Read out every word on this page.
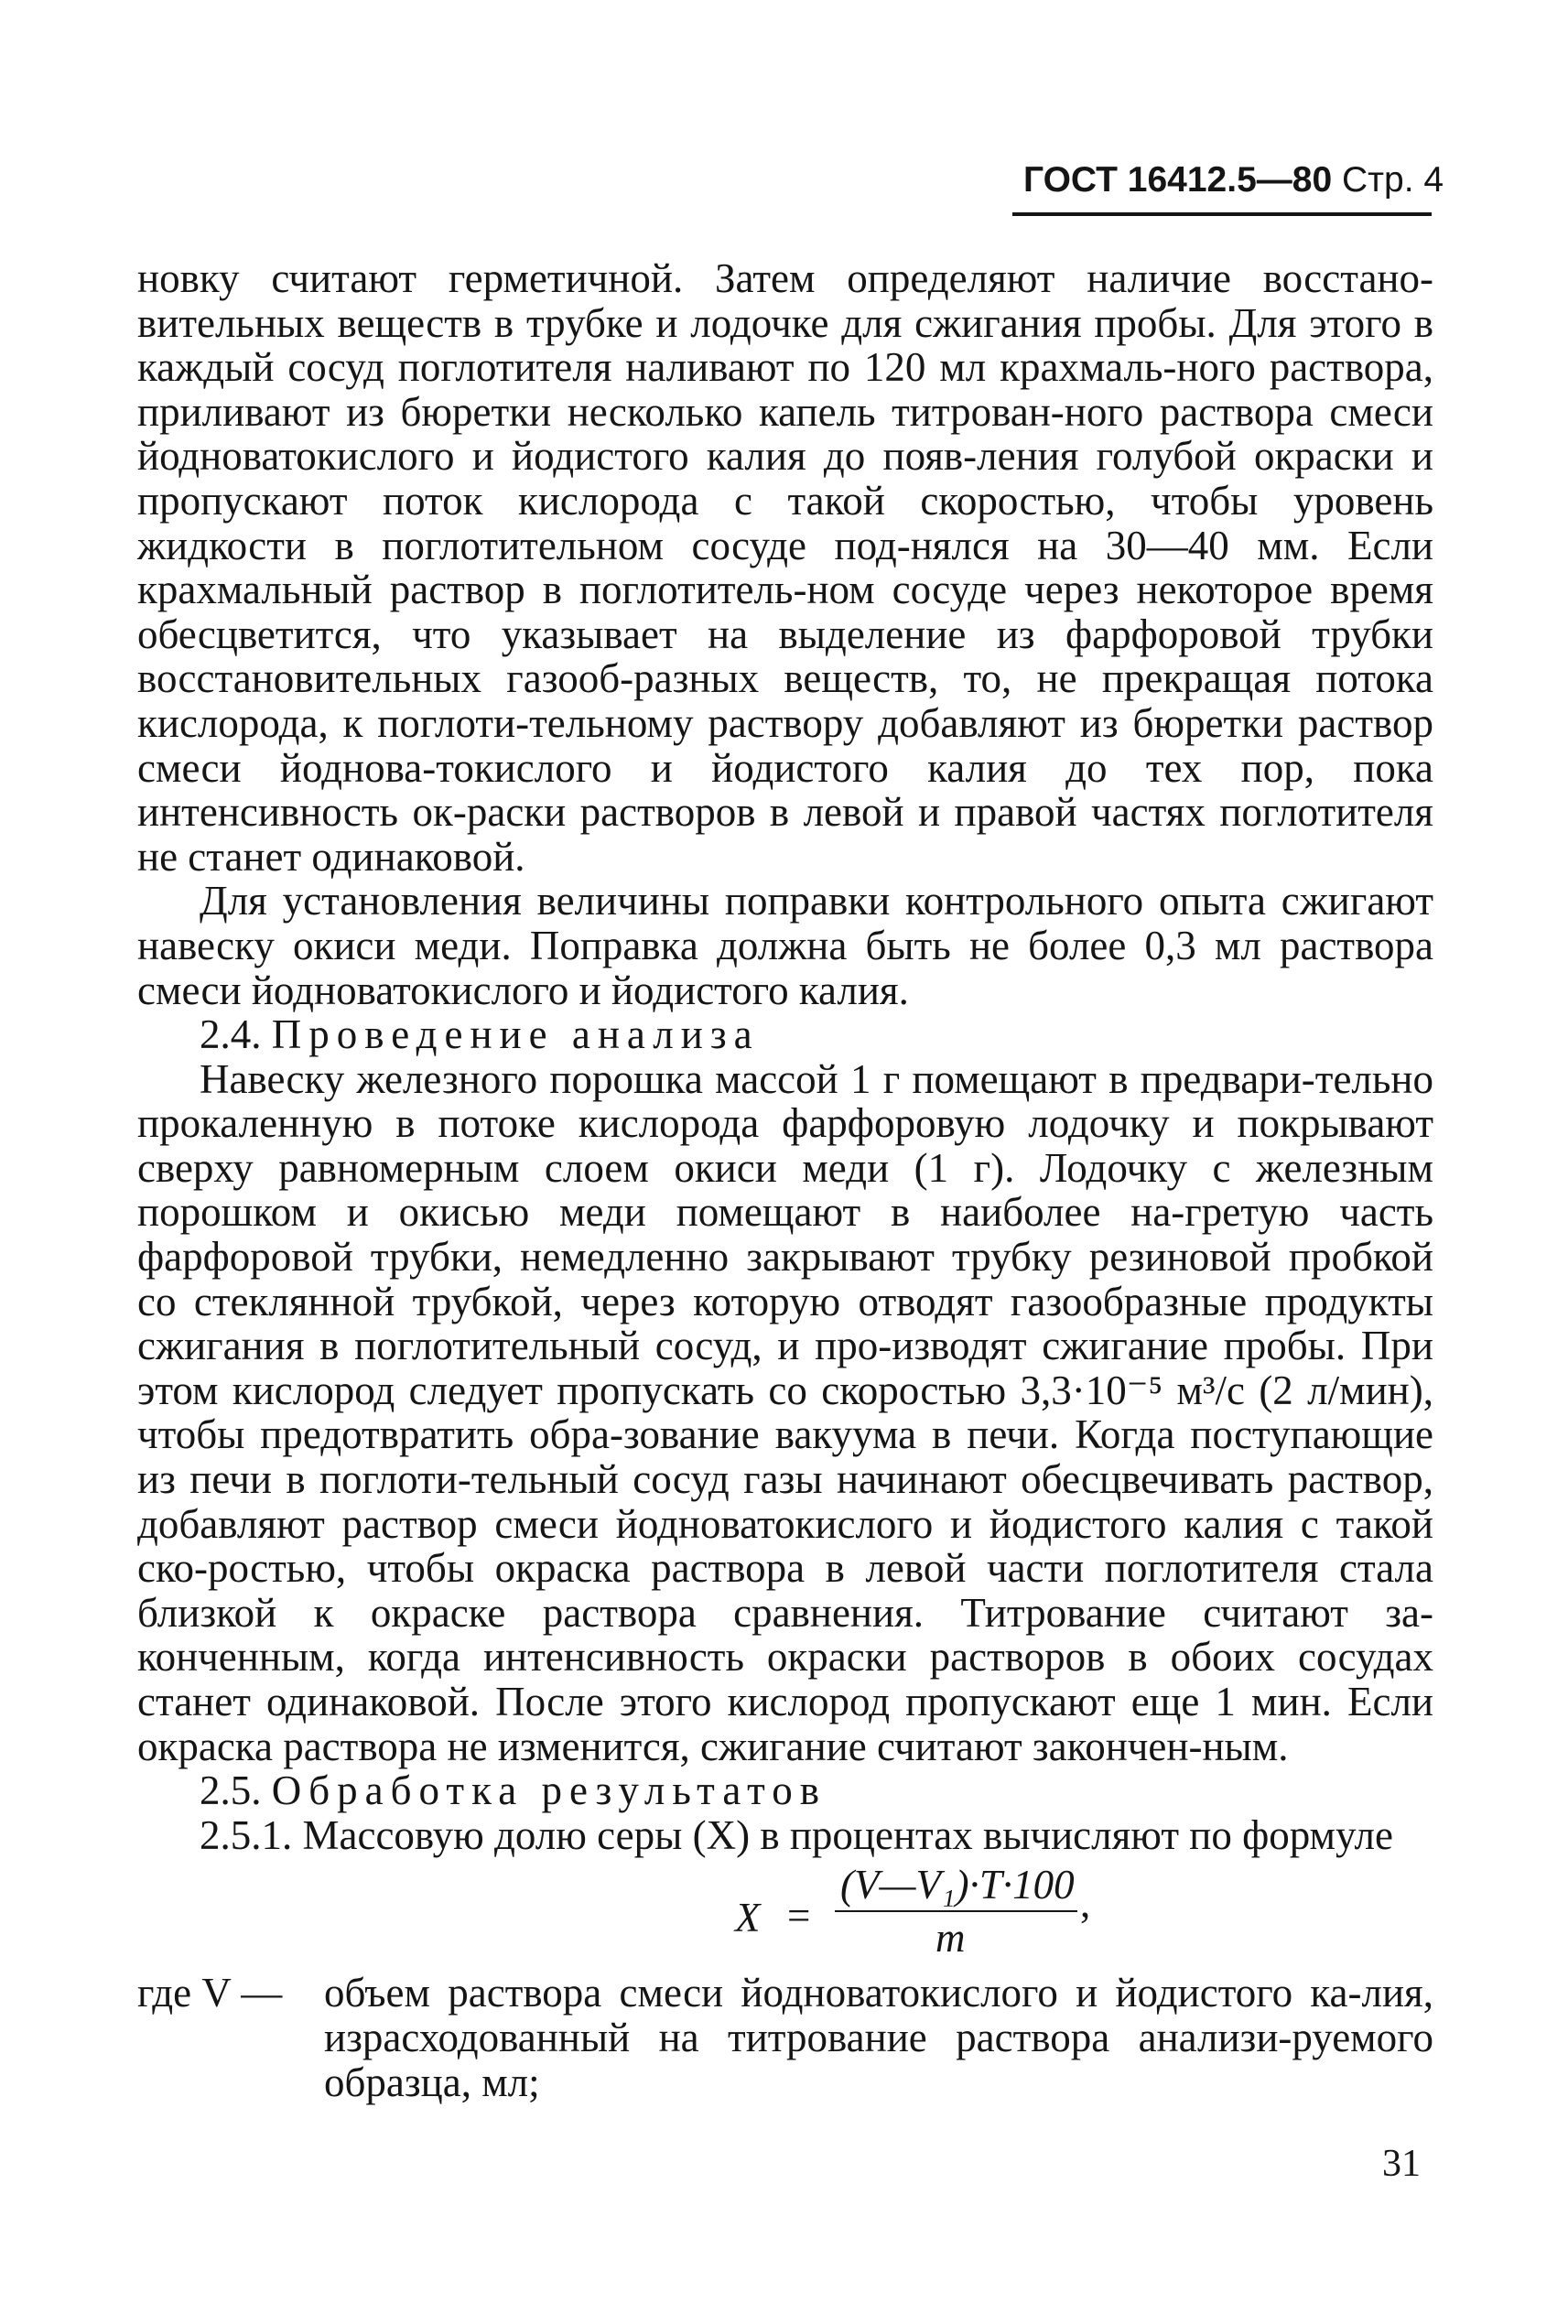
ГОСТ 16412.5—80 Стр. 4

новку считают герметичной. Затем определяют наличие восстано-вительных веществ в трубке и лодочке для сжигания пробы. Для этого в каждый сосуд поглотителя наливают по 120 мл крахмаль-ного раствора, приливают из бюретки несколько капель титрован-ного раствора смеси йодноватокислого и йодистого калия до появ-ления голубой окраски и пропускают поток кислорода с такой скоростью, чтобы уровень жидкости в поглотительном сосуде под-нялся на 30—40 мм. Если крахмальный раствор в поглотитель-ном сосуде через некоторое время обесцветится, что указывает на выделение из фарфоровой трубки восстановительных газооб-разных веществ, то, не прекращая потока кислорода, к поглоти-тельному раствору добавляют из бюретки раствор смеси йоднова-токислого и йодистого калия до тех пор, пока интенсивность ок-раски растворов в левой и правой частях поглотителя не станет одинаковой.

Для установления величины поправки контрольного опыта сжигают навеску окиси меди. Поправка должна быть не более 0,3 мл раствора смеси йодноватокислого и йодистого калия.

2.4. Проведение анализа

Навеску железного порошка массой 1 г помещают в предвари-тельно прокаленную в потоке кислорода фарфоровую лодочку и покрывают сверху равномерным слоем окиси меди (1 г). Лодочку с железным порошком и окисью меди помещают в наиболее на-гретую часть фарфоровой трубки, немедленно закрывают трубку резиновой пробкой со стеклянной трубкой, через которую отводят газообразные продукты сжигания в поглотительный сосуд, и про-изводят сжигание пробы. При этом кислород следует пропускать со скоростью 3,3·10⁻⁵ м³/с (2 л/мин), чтобы предотвратить обра-зование вакуума в печи. Когда поступающие из печи в поглоти-тельный сосуд газы начинают обесцвечивать раствор, добавляют раствор смеси йодноватокислого и йодистого калия с такой ско-ростью, чтобы окраска раствора в левой части поглотителя стала близкой к окраске раствора сравнения. Титрование считают за-конченным, когда интенсивность окраски растворов в обоих сосудах станет одинаковой. После этого кислород пропускают еще 1 мин. Если окраска раствора не изменится, сжигание считают закончен-ным.

2.5. Обработка результатов

2.5.1. Массовую долю серы (X) в процентах вычисляют по формуле

X =
(V—V₁)·T·100
m
,

где V — объем раствора смеси йодноватокислого и йодистого ка-лия, израсходованный на титрование раствора анализи-руемого образца, мл;

31
